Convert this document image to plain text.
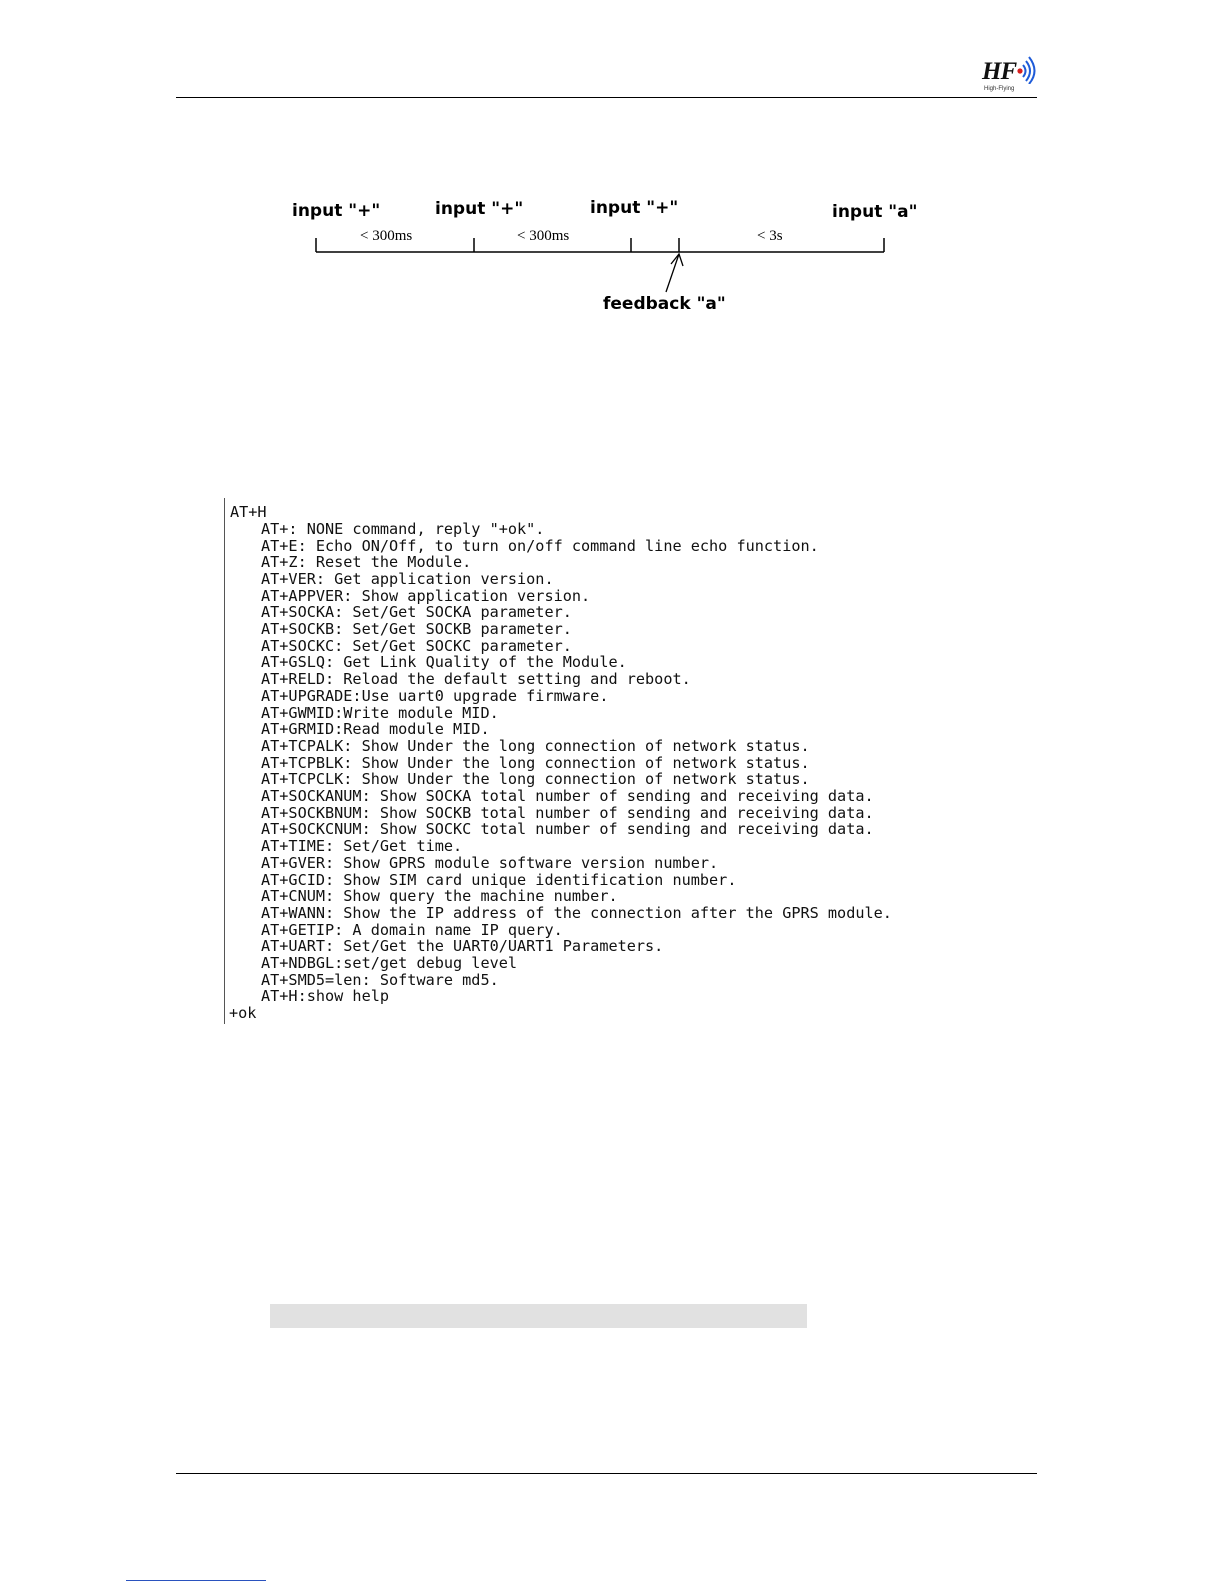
HF
High-Flying
input "+"	input "+"	input "+"	input "a"
< 300ms	< 300ms	< 3s
feedback "a"
AT+H
AT+: NONE command, reply "+ok".
AT+E: Echo ON/Off, to turn on/off command line echo function.
AT+Z: Reset the Module.
AT+VER: Get application version.
AT+APPVER: Show application version.
AT+SOCKA: Set/Get SOCKA parameter.
AT+SOCKB: Set/Get SOCKB parameter.
AT+SOCKC: Set/Get SOCKC parameter.
AT+GSLQ: Get Link Quality of the Module.
AT+RELD: Reload the default setting and reboot.
AT+UPGRADE:Use uart0 upgrade firmware.
AT+GWMID:Write module MID.
AT+GRMID:Read module MID.
AT+TCPALK: Show Under the long connection of network status.
AT+TCPBLK: Show Under the long connection of network status.
AT+TCPCLK: Show Under the long connection of network status.
AT+SOCKANUM: Show SOCKA total number of sending and receiving data.
AT+SOCKBNUM: Show SOCKB total number of sending and receiving data.
AT+SOCKCNUM: Show SOCKC total number of sending and receiving data.
AT+TIME: Set/Get time.
AT+GVER: Show GPRS module software version number.
AT+GCID: Show SIM card unique identification number.
AT+CNUM: Show query the machine number.
AT+WANN: Show the IP address of the connection after the GPRS module.
AT+GETIP: A domain name IP query.
AT+UART: Set/Get the UART0/UART1 Parameters.
AT+NDBGL:set/get debug level
AT+SMD5=len: Software md5.
AT+H:show help
+ok
